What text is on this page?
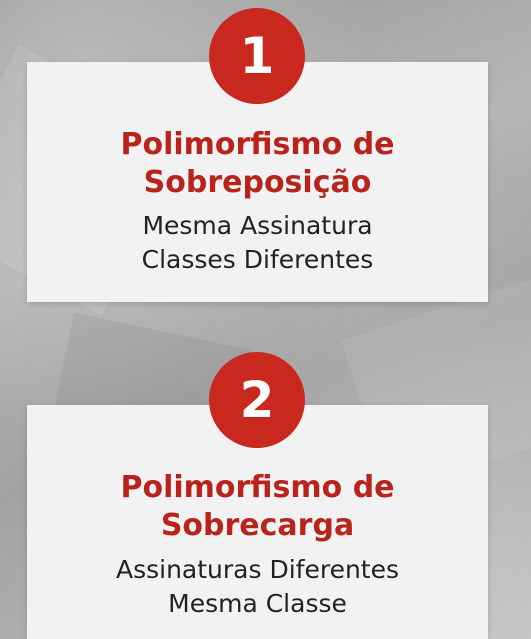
Polimorfismo de
Sobreposição
Mesma Assinatura
Classes Diferentes
1
Polimorfismo de
Sobrecarga
Assinaturas Diferentes
Mesma Classe
2
